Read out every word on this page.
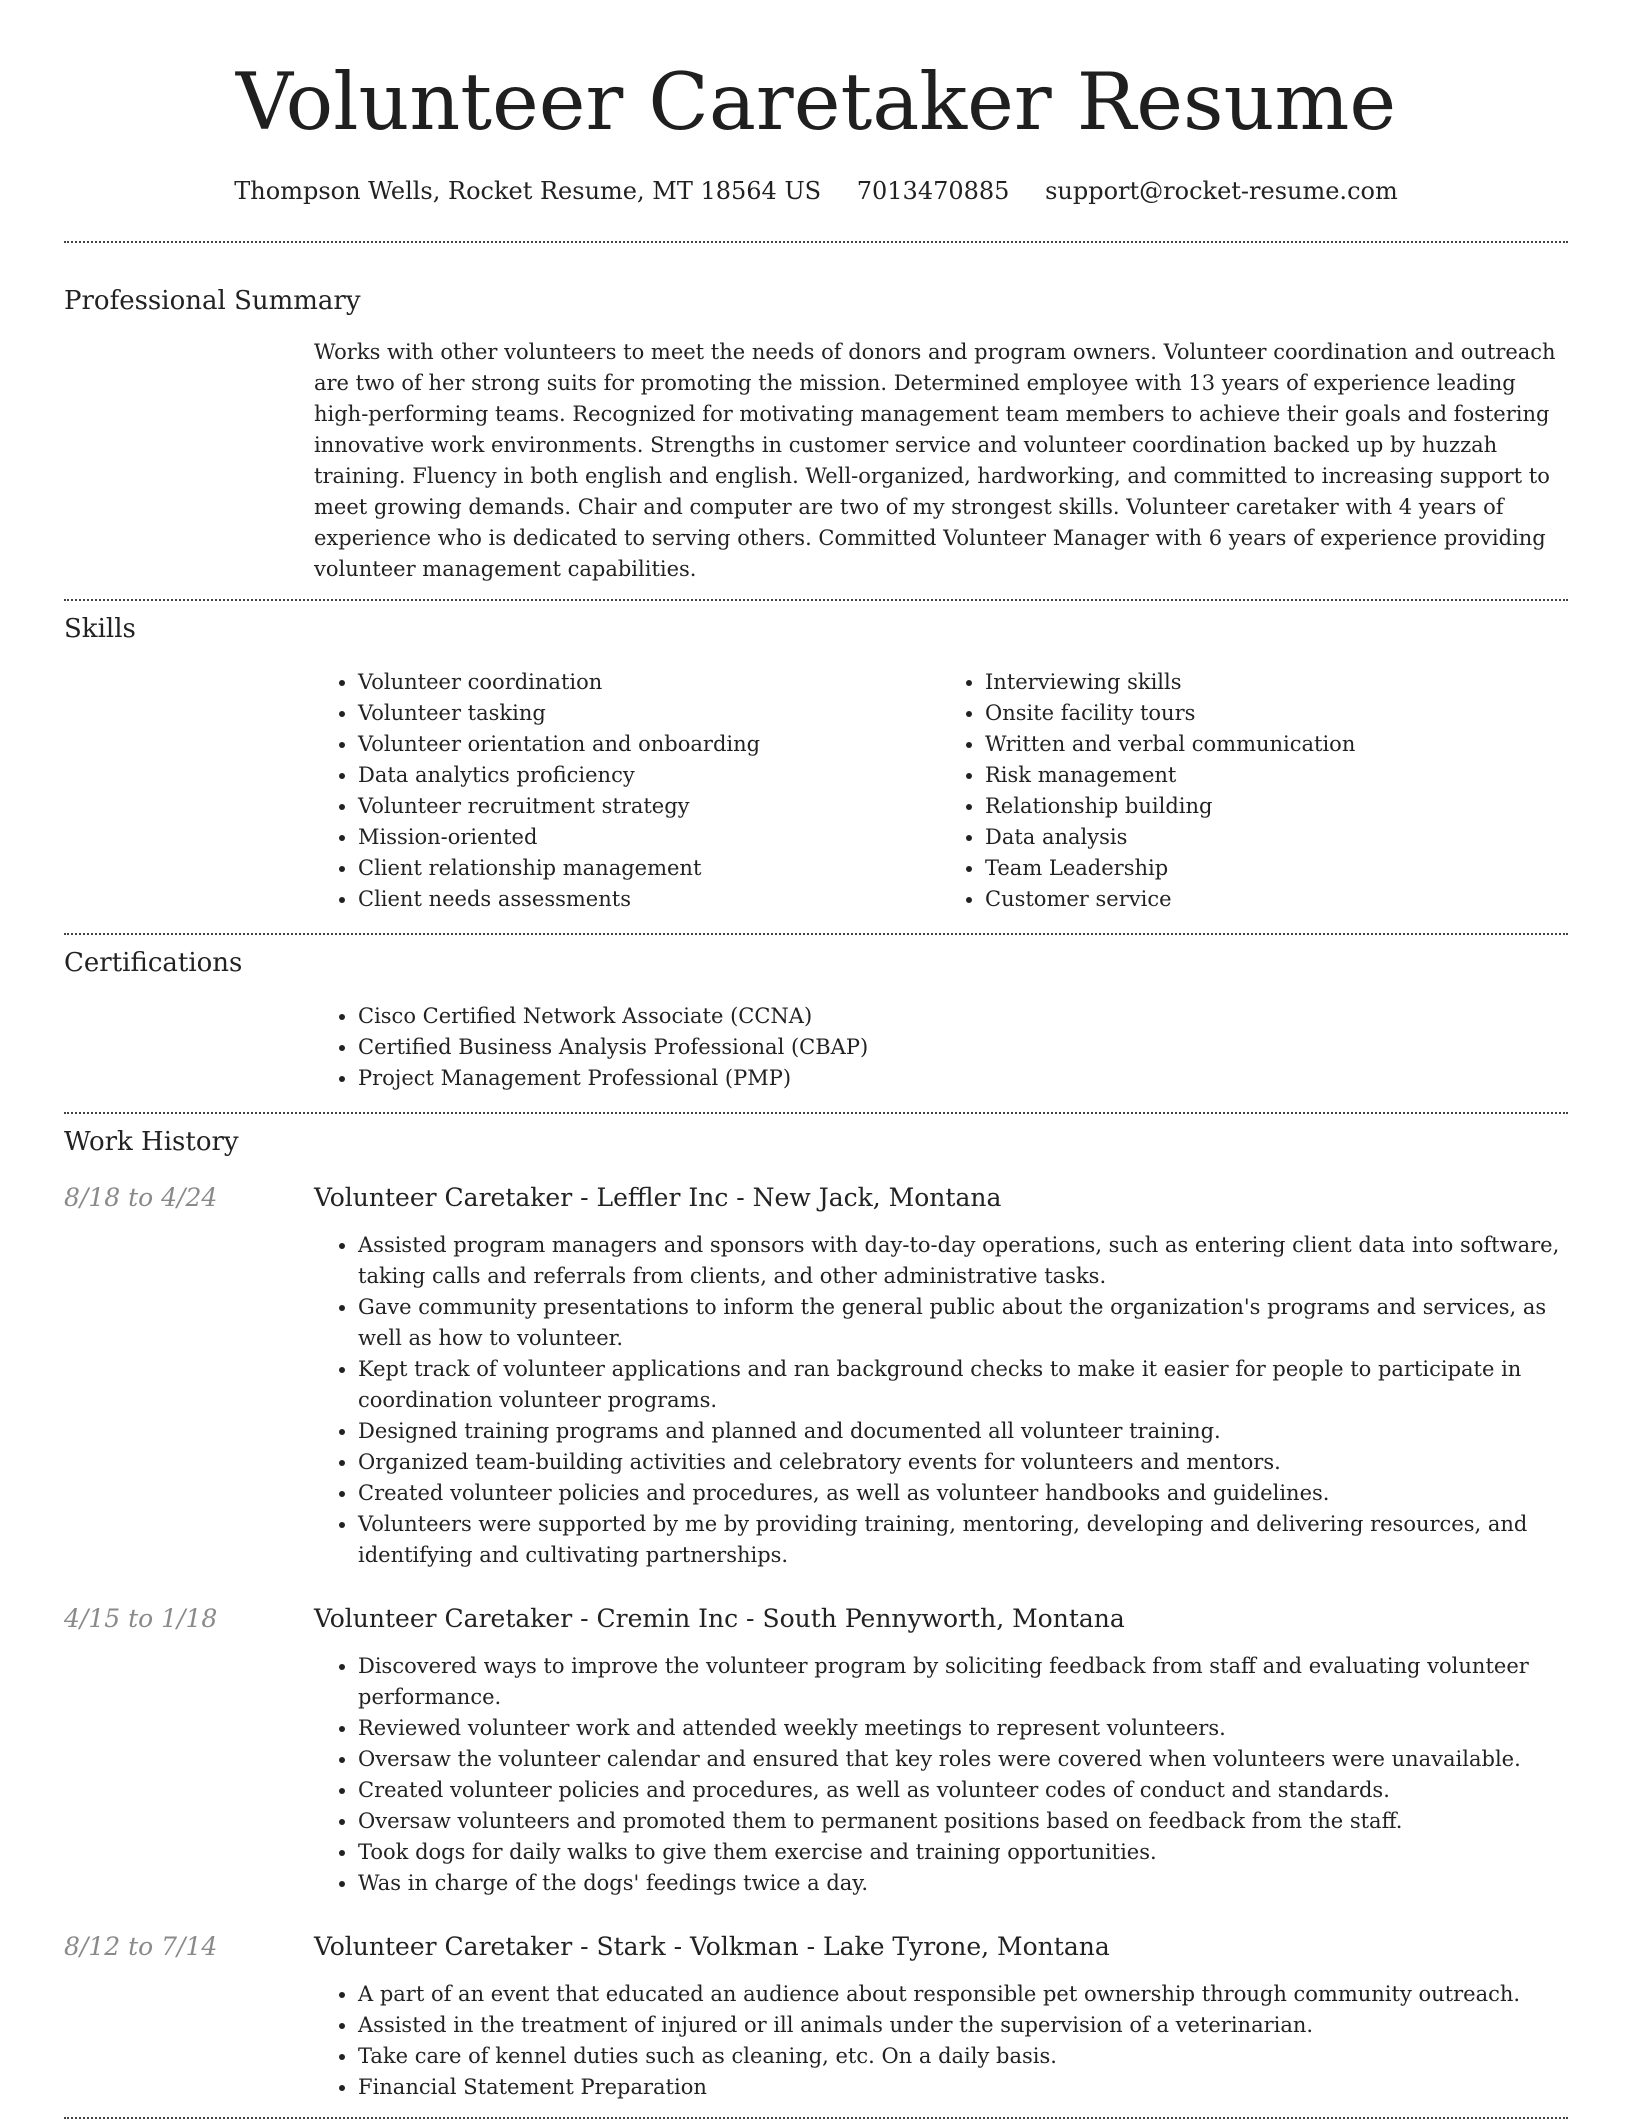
Volunteer Caretaker Resume
Thompson Wells, Rocket Resume, MT 18564 US 7013470885 support@rocket-resume.com
Professional Summary
Works with other volunteers to meet the needs of donors and program owners. Volunteer coordination and outreach are two of her strong suits for promoting the mission. Determined employee with 13 years of experience leading high-performing teams. Recognized for motivating management team members to achieve their goals and fostering innovative work environments. Strengths in customer service and volunteer coordination backed up by huzzah training. Fluency in both english and english. Well-organized, hardworking, and committed to increasing support to meet growing demands. Chair and computer are two of my strongest skills. Volunteer caretaker with 4 years of experience who is dedicated to serving others. Committed Volunteer Manager with 6 years of experience providing volunteer management capabilities.
Skills
• Volunteer coordination
• Volunteer tasking
• Volunteer orientation and onboarding
• Data analytics proficiency
• Volunteer recruitment strategy
• Mission-oriented
• Client relationship management
• Client needs assessments
• Interviewing skills
• Onsite facility tours
• Written and verbal communication
• Risk management
• Relationship building
• Data analysis
• Team Leadership
• Customer service
Certifications
• Cisco Certified Network Associate (CCNA)
• Certified Business Analysis Professional (CBAP)
• Project Management Professional (PMP)
Work History
8/18 to 4/24	Volunteer Caretaker - Leffler Inc - New Jack, Montana
• Assisted program managers and sponsors with day-to-day operations, such as entering client data into software, taking calls and referrals from clients, and other administrative tasks.
• Gave community presentations to inform the general public about the organization's programs and services, as well as how to volunteer.
• Kept track of volunteer applications and ran background checks to make it easier for people to participate in coordination volunteer programs.
• Designed training programs and planned and documented all volunteer training.
• Organized team-building activities and celebratory events for volunteers and mentors.
• Created volunteer policies and procedures, as well as volunteer handbooks and guidelines.
• Volunteers were supported by me by providing training, mentoring, developing and delivering resources, and identifying and cultivating partnerships.
4/15 to 1/18	Volunteer Caretaker - Cremin Inc - South Pennyworth, Montana
• Discovered ways to improve the volunteer program by soliciting feedback from staff and evaluating volunteer performance.
• Reviewed volunteer work and attended weekly meetings to represent volunteers.
• Oversaw the volunteer calendar and ensured that key roles were covered when volunteers were unavailable.
• Created volunteer policies and procedures, as well as volunteer codes of conduct and standards.
• Oversaw volunteers and promoted them to permanent positions based on feedback from the staff.
• Took dogs for daily walks to give them exercise and training opportunities.
• Was in charge of the dogs' feedings twice a day.
8/12 to 7/14	Volunteer Caretaker - Stark - Volkman - Lake Tyrone, Montana
• A part of an event that educated an audience about responsible pet ownership through community outreach.
• Assisted in the treatment of injured or ill animals under the supervision of a veterinarian.
• Take care of kennel duties such as cleaning, etc. On a daily basis.
• Financial Statement Preparation
